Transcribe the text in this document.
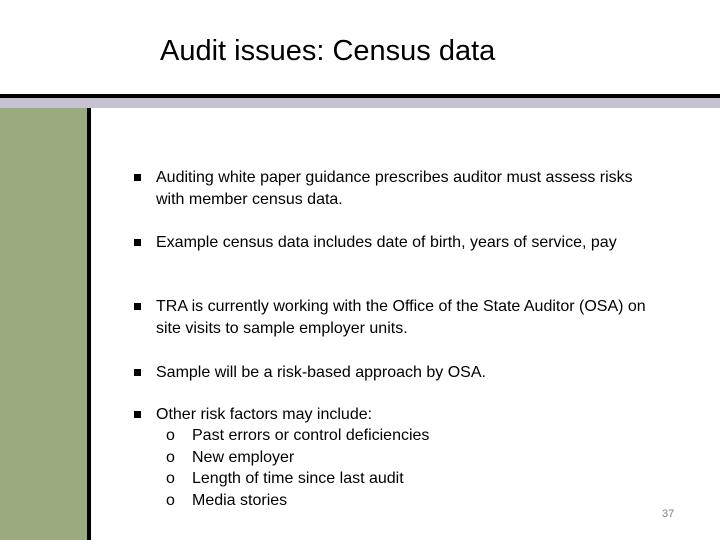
Audit issues: Census data
Auditing white paper guidance prescribes auditor must assess risks with member census data.
Example census data includes date of birth, years of service, pay
TRA is currently working with the Office of the State Auditor (OSA) on site visits to sample employer units.
Sample will be a risk-based approach by OSA.
Other risk factors may include:
o Past errors or control deficiencies
o New employer
o Length of time since last audit
o Media stories
37
